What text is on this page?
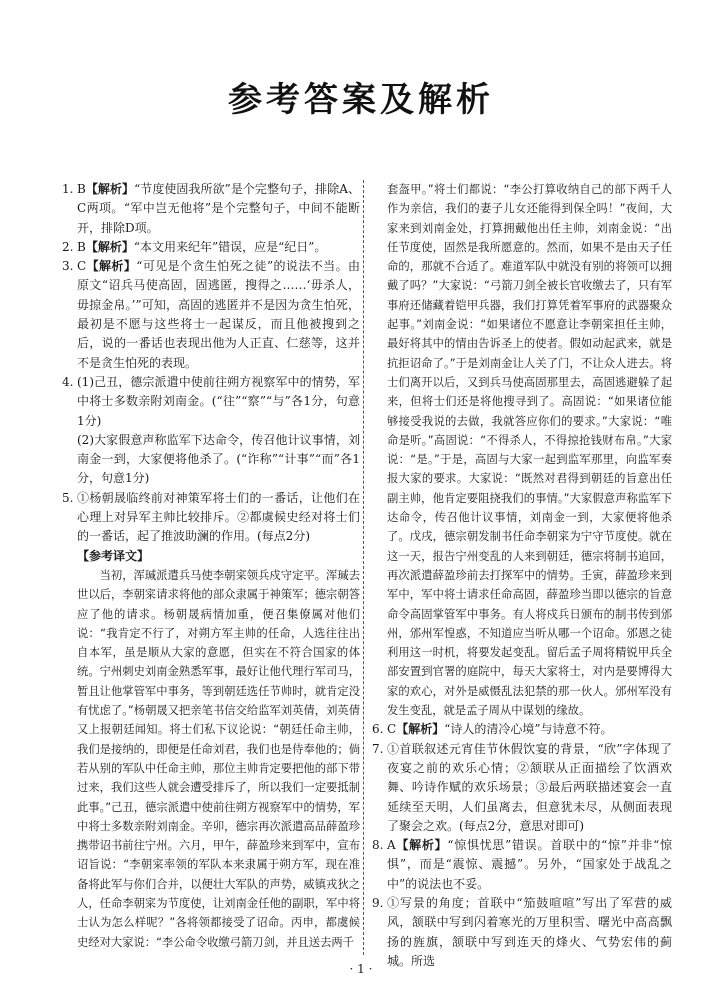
参考答案及解析

1. B【解析】“节度使固我所欲”是个完整句子，排除A、C两项。“军中岂无他将”是个完整句子，中间不能断开，排除D项。

2. B【解析】“本文用来纪年”错误，应是“纪日”。

3. C【解析】“可见是个贪生怕死之徒”的说法不当。由原文“诏兵马使高固，固逃匿，搜得之……‘毋杀人，毋掠金帛。’”可知，高固的逃匿并不是因为贪生怕死，最初是不愿与这些将士一起谋反，而且他被搜到之后，说的一番话也表现出他为人正直、仁慈等，这并不是贪生怕死的表现。

4. (1)己丑，德宗派遣中使前往朔方视察军中的情势，军中将士多数亲附刘南金。(“往”“察”“与”各1分，句意1分)

(2)大家假意声称监军下达命令，传召他计议事情，刘南金一到，大家便将他杀了。(“诈称”“计事”“而”各1分，句意1分)

5. ①杨朝晟临终前对神策军将士们的一番话，让他们在心理上对异军主帅比较排斥。②都虞候史经对将士们的一番话，起了推波助澜的作用。(每点2分)

【参考译文】

当初，浑瑊派遣兵马使李朝寀领兵戍守定平。浑瑊去世以后，李朝寀请求将他的部众隶属于神策军；德宗朝答应了他的请求。杨朝晟病情加重，便召集僚属对他们说：“我肯定不行了，对朔方军主帅的任命，人选往往出自本军，虽是顺从大家的意愿，但实在不符合国家的体统。宁州刺史刘南金熟悉军事，最好让他代理行军司马，暂且让他掌管军中事务，等到朝廷选任节帅时，就肯定没有忧虑了。”杨朝晟又把亲笔书信交给监军刘英倩，刘英倩又上报朝廷闻知。将士们私下议论说：“朝廷任命主帅，我们是接纳的，即便是任命刘君，我们也是侍奉他的；倘若从别的军队中任命主帅，那位主帅肯定要把他的部下带过来，我们这些人就会遭受排斥了，所以我们一定要抵制此事。”己丑，德宗派遣中使前往朔方视察军中的情势，军中将士多数亲附刘南金。辛卯，德宗再次派遣高品薛盈珍携带诏书前往宁州。六月，甲午，薛盈珍来到军中，宣布诏旨说：“李朝寀率领的军队本来隶属于朔方军，现在准备将此军与你们合并，以便壮大军队的声势，威镇戎狄之人，任命李朝寀为节度使，让刘南金任他的副职，军中将士认为怎么样呢？”各将领都接受了诏命。丙申，都虞候史经对大家说：“李公命令收缴弓箭刀剑，并且送去两千

套盔甲。”将士们都说：“李公打算收纳自己的部下两千人作为亲信，我们的妻子儿女还能得到保全吗！”夜间，大家来到刘南金处，打算拥戴他出任主帅，刘南金说：“出任节度使，固然是我所愿意的。然而，如果不是由天子任命的，那就不合适了。难道军队中就没有别的将领可以拥戴了吗？”大家说：“弓箭刀剑全被长官收缴去了，只有军事府还储藏着铠甲兵器，我们打算凭着军事府的武器聚众起事。”刘南金说：“如果诸位不愿意让李朝寀担任主帅，最好将其中的情由告诉圣上的使者。假如动起武来，就是抗拒诏命了。”于是刘南金让人关了门，不让众人进去。将士们离开以后，又到兵马使高固那里去，高固逃避躲了起来，但将士们还是将他搜寻到了。高固说：“如果诸位能够接受我说的去做，我就答应你们的要求。”大家说：“唯命是听。”高固说：“不得杀人，不得掠抢钱财布帛。”大家说：“是。”于是，高固与大家一起到监军那里，向监军奏报大家的要求。大家说：“既然对君得到朝廷的旨意出任副主帅，他肯定要阻挠我们的事情。”大家假意声称监军下达命令，传召他计议事情，刘南金一到，大家便将他杀了。戊戌，德宗朝发制书任命李朝寀为宁守节度使。就在这一天，报告宁州变乱的人来到朝廷，德宗将制书追回，再次派遣薛盈珍前去打探军中的情势。壬寅，薛盈珍来到军中，军中将士请求任命高固，薛盈珍当即以德宗的旨意命令高固掌管军中事务。有人将戍兵日颁布的制书传到邠州，邠州军惶惑，不知道应当听从哪一个诏命。邠恩之徒利用这一时机，将要发起变乱。留后孟子周将精锐甲兵全部安置到官署的庭院中，每天大家将士，对内是要博得大家的欢心，对外是威慑乱法犯禁的那一伙人。邠州军没有发生变乱，就是孟子周从中谋划的缘故。

6. C【解析】“诗人的清冷心境”与诗意不符。

7. ①首联叙述元宵佳节休假饮宴的背景，“欣”字体现了夜宴之前的欢乐心情；②颔联从正面描绘了饮酒欢舞、吟诗作赋的欢乐场景；③最后两联描述宴会一直延续至天明，人们虽离去，但意犹未尽，从侧面表现了聚会之欢。(每点2分，意思对即可)

8. A【解析】“惊惧忧思”错误。首联中的“惊”并非“惊惧”，而是“震惊、震撼”。另外，“国家处于战乱之中”的说法也不妥。

9. ①写景的角度；首联中“笳鼓喧喧”写出了军营的威风，颔联中写到闪着寒光的万里积雪、曙光中高高飘扬的旌旗，颔联中写到连天的烽火、气势宏伟的蓟城。所选

· 1 ·
